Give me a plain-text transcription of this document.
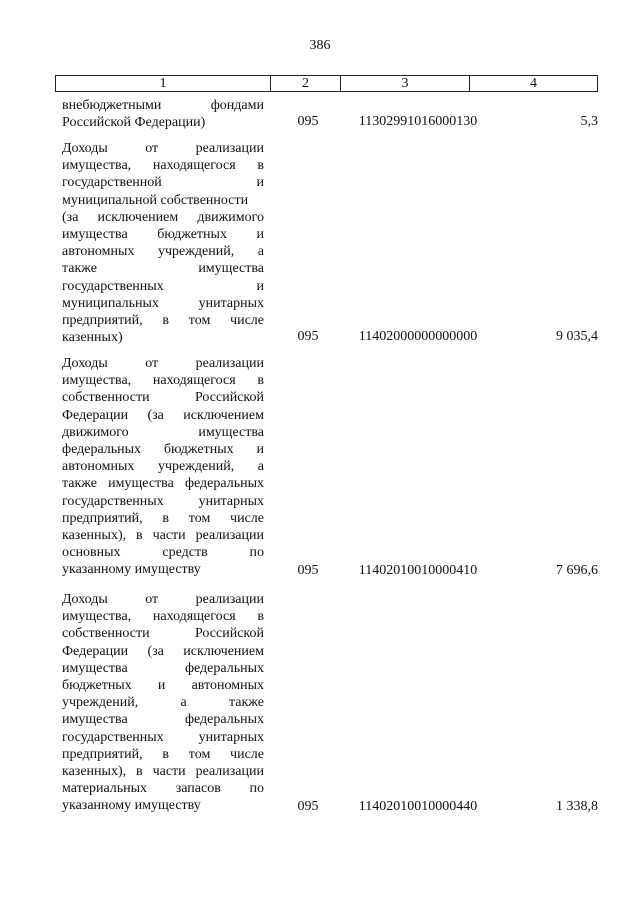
386
1	2	3	4
внебюджетными фондами
Российской Федерации)	095	11302991016000130	5,3
Доходы от реализации
имущества, находящегося в
государственной и
муниципальной собственности
(за исключением движимого
имущества бюджетных и
автономных учреждений, а
также имущества
государственных и
муниципальных унитарных
предприятий, в том числе
казенных)	095	11402000000000000	9 035,4
Доходы от реализации
имущества, находящегося в
собственности Российской
Федерации (за исключением
движимого имущества
федеральных бюджетных и
автономных учреждений, а
также имущества федеральных
государственных унитарных
предприятий, в том числе
казенных), в части реализации
основных средств по
указанному имуществу	095	11402010010000410	7 696,6
Доходы от реализации
имущества, находящегося в
собственности Российской
Федерации (за исключением
имущества федеральных
бюджетных и автономных
учреждений, а также
имущества федеральных
государственных унитарных
предприятий, в том числе
казенных), в части реализации
материальных запасов по
указанному имуществу	095	11402010010000440	1 338,8
